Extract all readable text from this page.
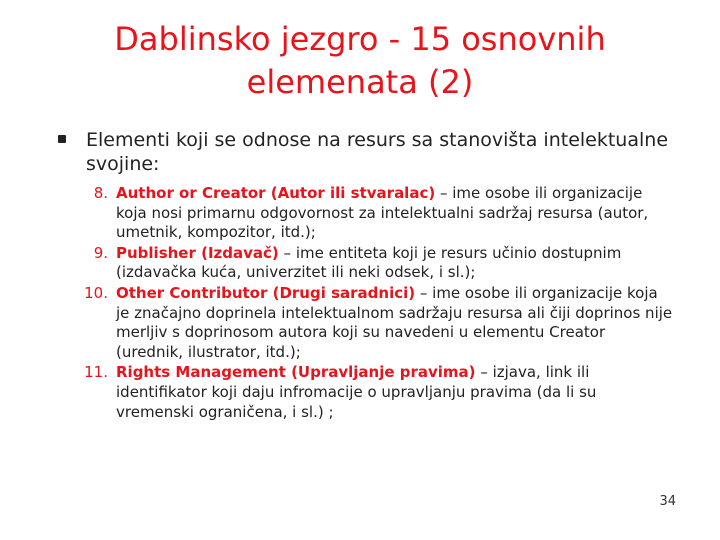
Dablinsko jezgro - 15 osnovnih
elemenata (2)
Elementi koji se odnose na resurs sa stanovišta intelektualne svojine:
8. Author or Creator (Autor ili stvaralac) – ime osobe ili organizacije koja nosi primarnu odgovornost za intelektualni sadržaj resursa (autor, umetnik, kompozitor, itd.);
9. Publisher (Izdavač) – ime entiteta koji je resurs učinio dostupnim (izdavačka kuća, univerzitet ili neki odsek, i sl.);
10. Other Contributor (Drugi saradnici) – ime osobe ili organizacije koja je značajno doprinela intelektualnom sadržaju resursa ali čiji doprinos nije merljiv s doprinosom autora koji su navedeni u elementu Creator (urednik, ilustrator, itd.);
11. Rights Management (Upravljanje pravima) – izjava, link ili identifikator koji daju infromacije o upravljanju pravima (da li su vremenski ograničena, i sl.) ;
34
